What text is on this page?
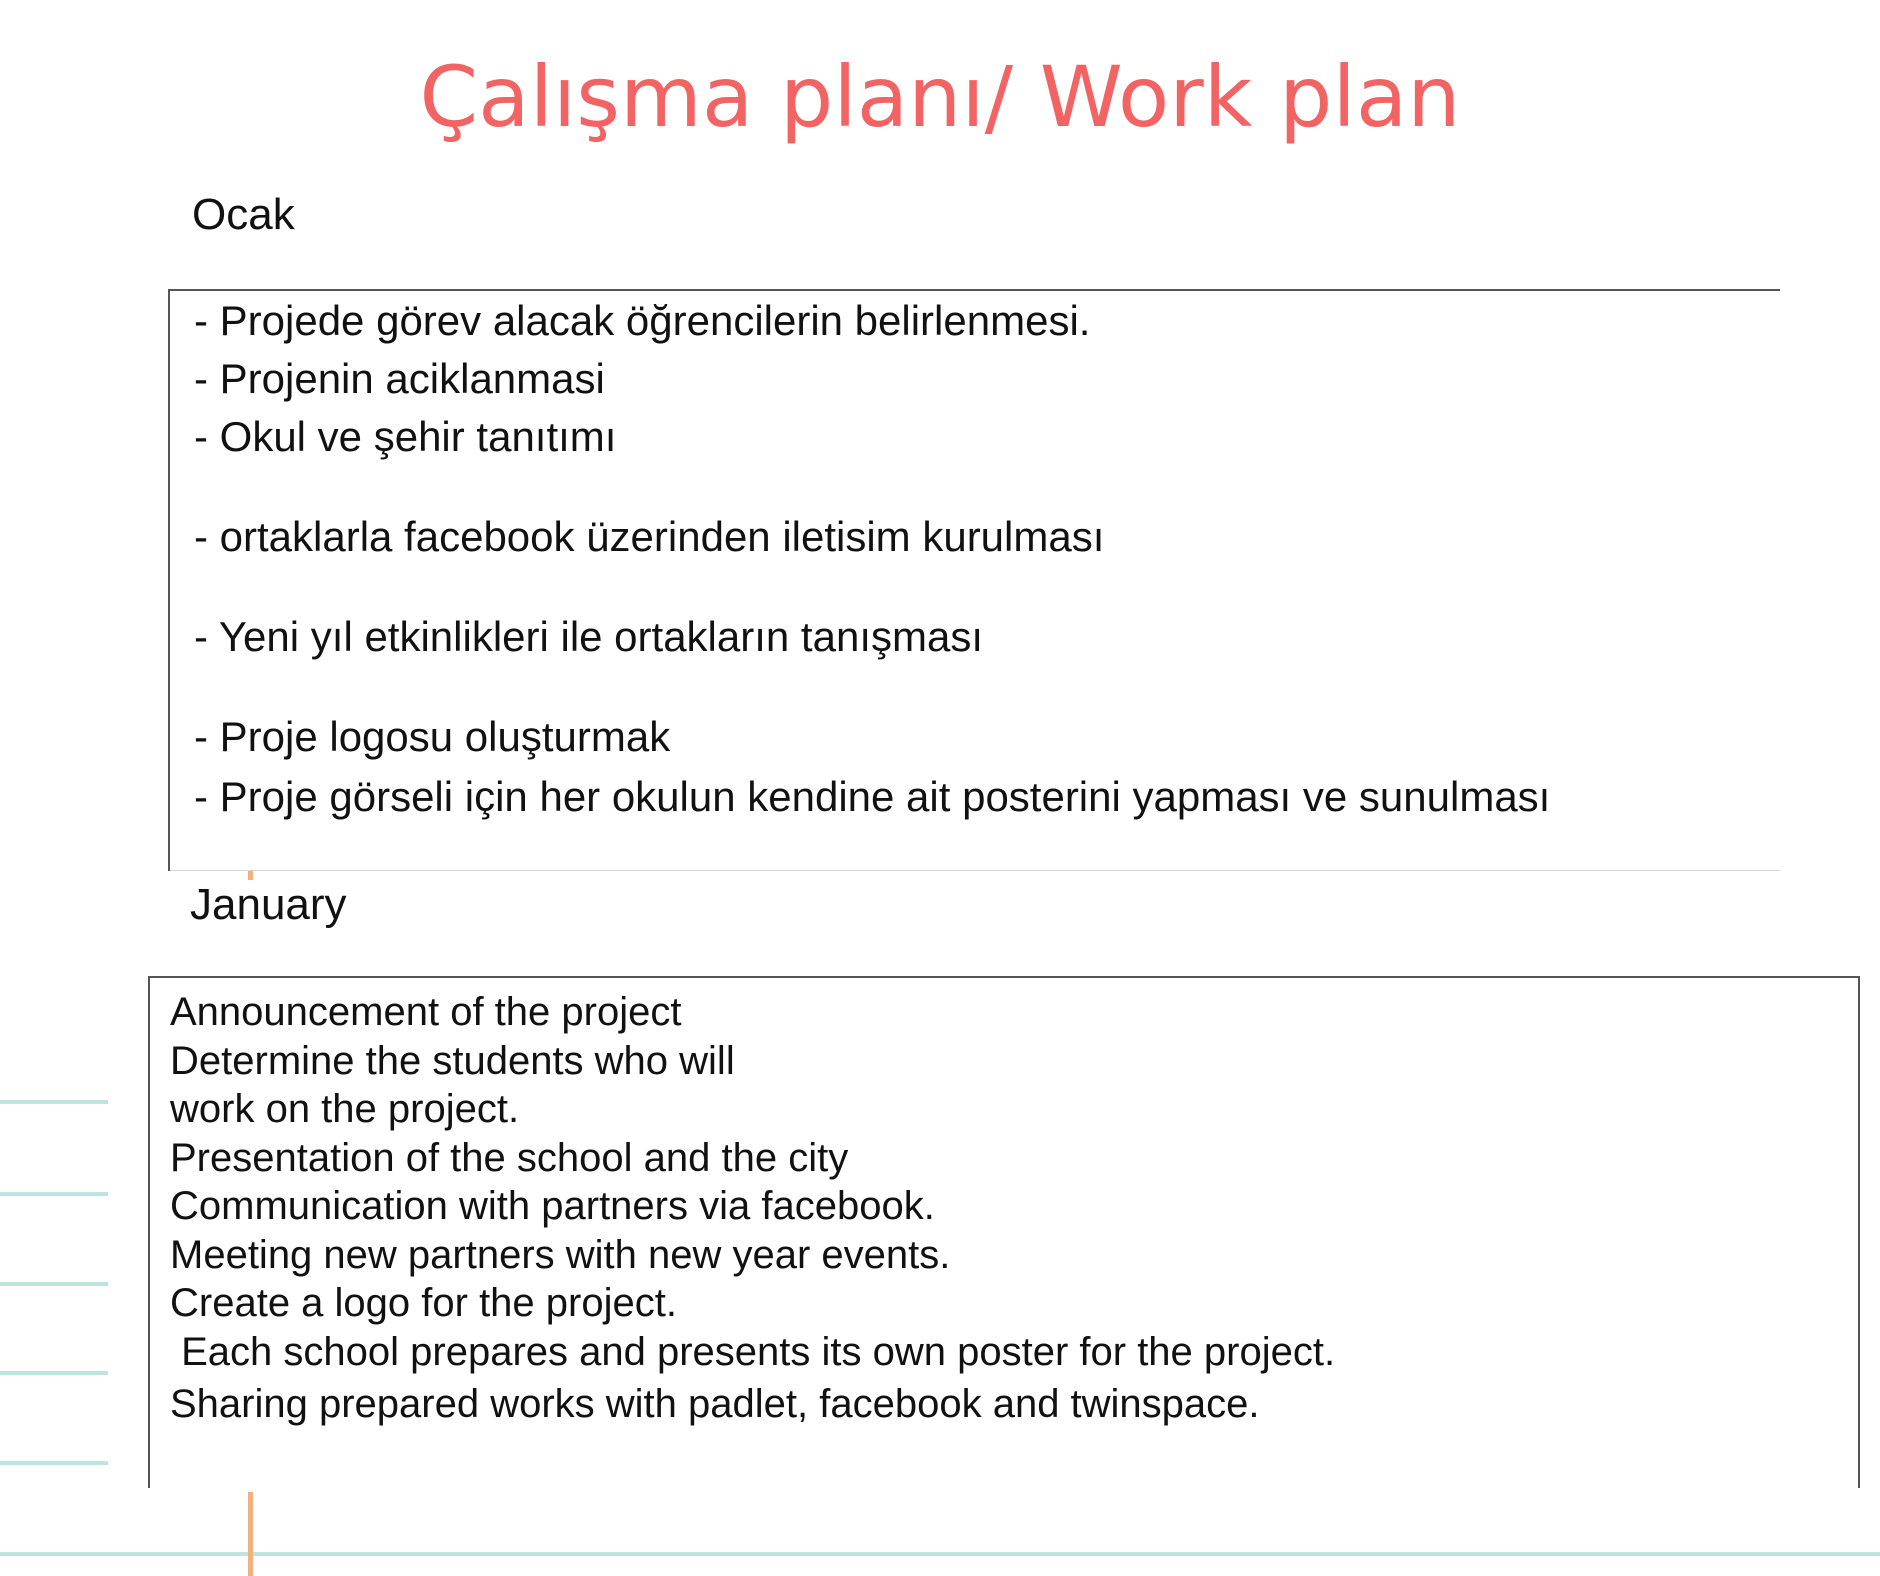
Çalışma planı/ Work plan
Ocak
- Projede görev alacak öğrencilerin belirlenmesi.
- Projenin aciklanmasi
- Okul ve şehir tanıtımı
- ortaklarla facebook üzerinden iletisim kurulması
- Yeni yıl etkinlikleri ile ortakların tanışması
- Proje logosu oluşturmak
- Proje görseli için her okulun kendine ait posterini yapması ve sunulması
January
Announcement of the project
Determine the students who will
work on the project.
Presentation of the school and the city
Communication with partners via facebook.
Meeting new partners with new year events.
Create a logo for the project.
Each school prepares and presents its own poster for the project.
Sharing prepared works with padlet, facebook and twinspace.
